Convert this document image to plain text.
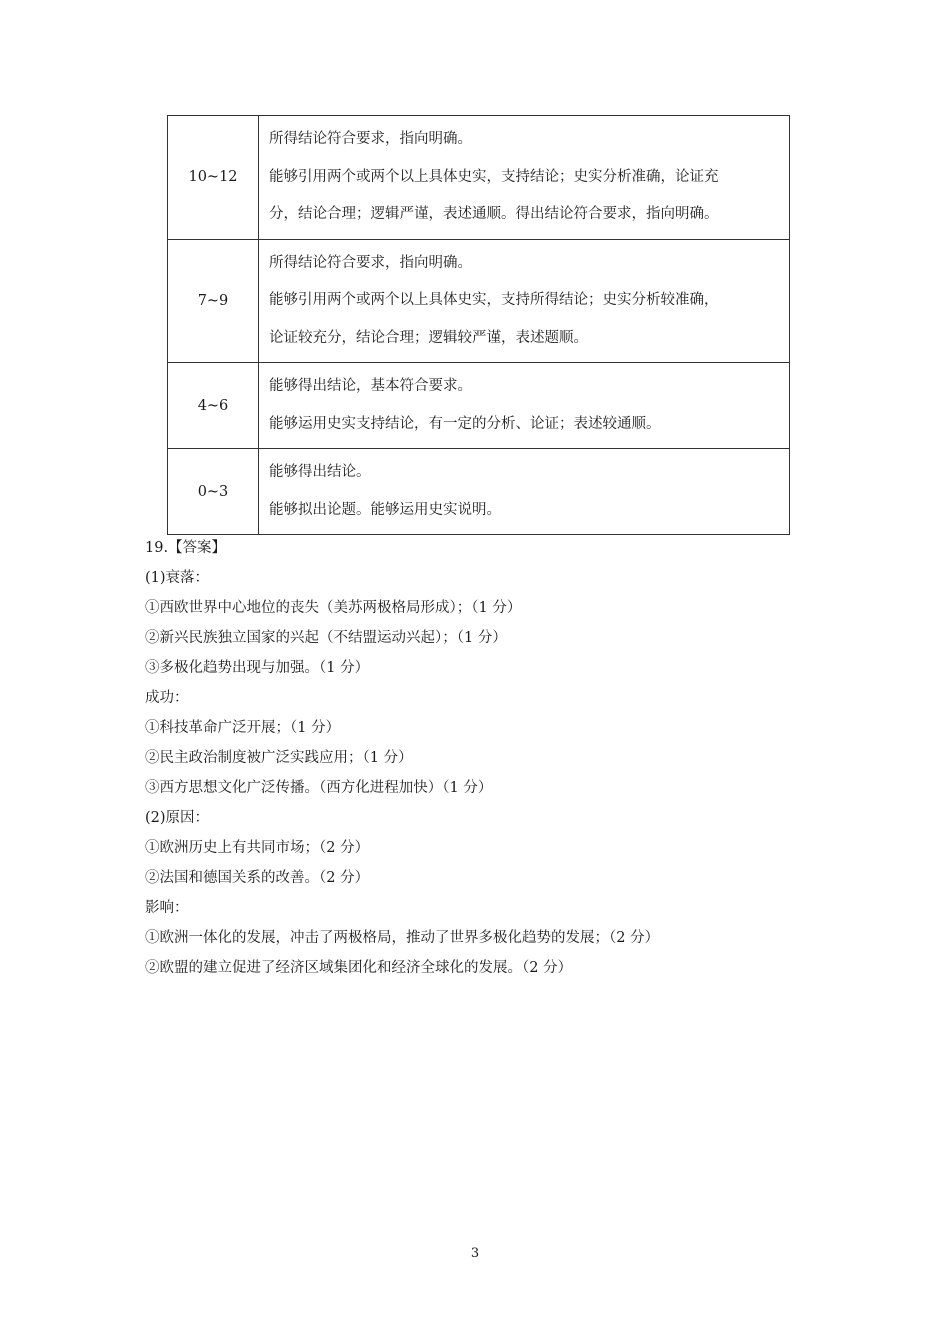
10~12	所得结论符合要求，指向明确。
能够引用两个或两个以上具体史实，支持结论；史实分析准确，论证充
分，结论合理；逻辑严谨，表述通顺。得出结论符合要求，指向明确。

7~9	所得结论符合要求，指向明确。
能够引用两个或两个以上具体史实，支持所得结论；史实分析较准确，
论证较充分，结论合理；逻辑较严谨，表述题顺。

4~6	能够得出结论，基本符合要求。
能够运用史实支持结论，有一定的分析、论证；表述较通顺。

0~3	能够得出结论。
能够拟出论题。能够运用史实说明。
19.【答案】
(1)衰落：
①西欧世界中心地位的丧失（美苏两极格局形成）；（1 分）
②新兴民族独立国家的兴起（不结盟运动兴起）；（1 分）
③多极化趋势出现与加强。（1 分）
成功：
①科技革命广泛开展；（1 分）
②民主政治制度被广泛实践应用；（1 分）
③西方思想文化广泛传播。（西方化进程加快）（1 分）
(2)原因：
①欧洲历史上有共同市场；（2 分）
②法国和德国关系的改善。（2 分）
影响：
①欧洲一体化的发展，冲击了两极格局，推动了世界多极化趋势的发展；（2 分）
②欧盟的建立促进了经济区域集团化和经济全球化的发展。（2 分）
3
